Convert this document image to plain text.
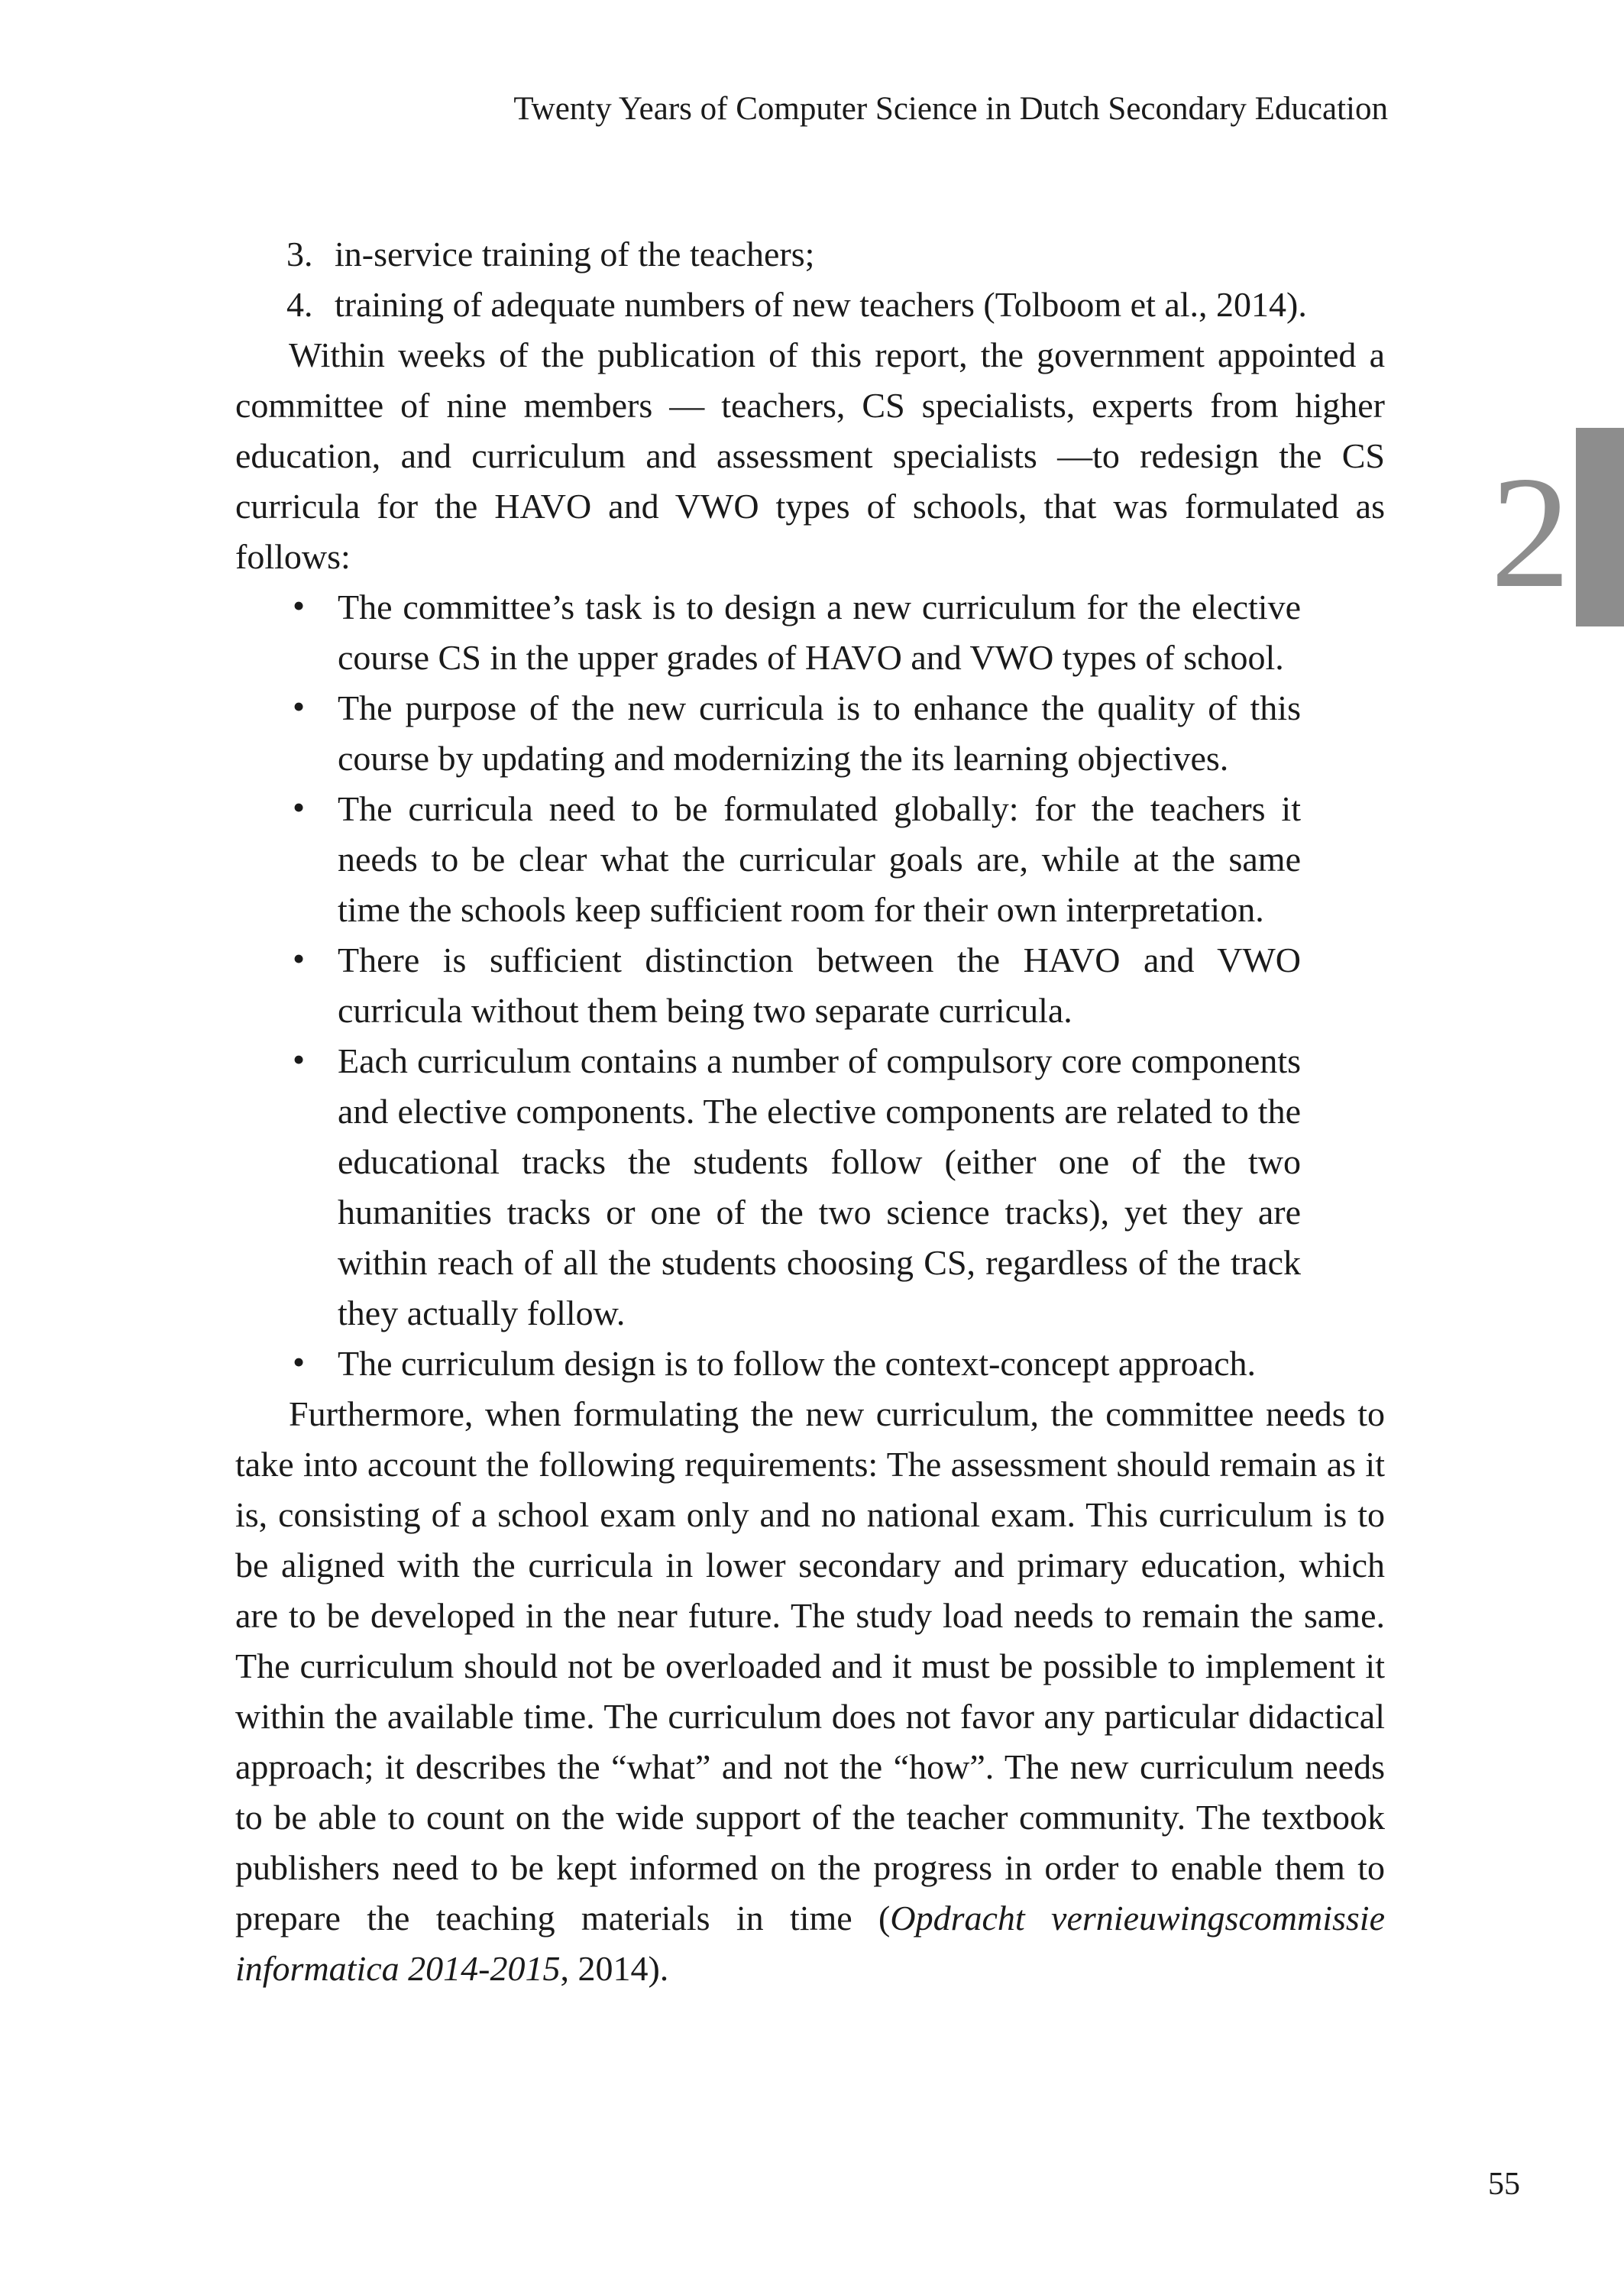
Twenty Years of Computer Science in Dutch Secondary Education
2
3. in-service training of the teachers;
4. training of adequate numbers of new teachers (Tolboom et al., 2014).

Within weeks of the publication of this report, the government appointed a committee of nine members — teachers, CS specialists, experts from higher education, and curriculum and assessment specialists —to redesign the CS curricula for the HAVO and VWO types of schools, that was formulated as follows:

• The committee’s task is to design a new curriculum for the elective course CS in the upper grades of HAVO and VWO types of school.
• The purpose of the new curricula is to enhance the quality of this course by updating and modernizing the its learning objectives.
• The curricula need to be formulated globally: for the teachers it needs to be clear what the curricular goals are, while at the same time the schools keep sufficient room for their own interpretation.
• There is sufficient distinction between the HAVO and VWO curricula without them being two separate curricula.
• Each curriculum contains a number of compulsory core components and elective components. The elective components are related to the educational tracks the students follow (either one of the two humanities tracks or one of the two science tracks), yet they are within reach of all the students choosing CS, regardless of the track they actually follow.
• The curriculum design is to follow the context-concept approach.

Furthermore, when formulating the new curriculum, the committee needs to take into account the following requirements: The assessment should remain as it is, consisting of a school exam only and no national exam. This curriculum is to be aligned with the curricula in lower secondary and primary education, which are to be developed in the near future. The study load needs to remain the same. The curriculum should not be overloaded and it must be possible to implement it within the available time. The curriculum does not favor any particular didactical approach; it describes the “what” and not the “how”. The new curriculum needs to be able to count on the wide support of the teacher community. The textbook publishers need to be kept informed on the progress in order to enable them to prepare the teaching materials in time (Opdracht vernieuwingscommissie informatica 2014-2015, 2014).

55
